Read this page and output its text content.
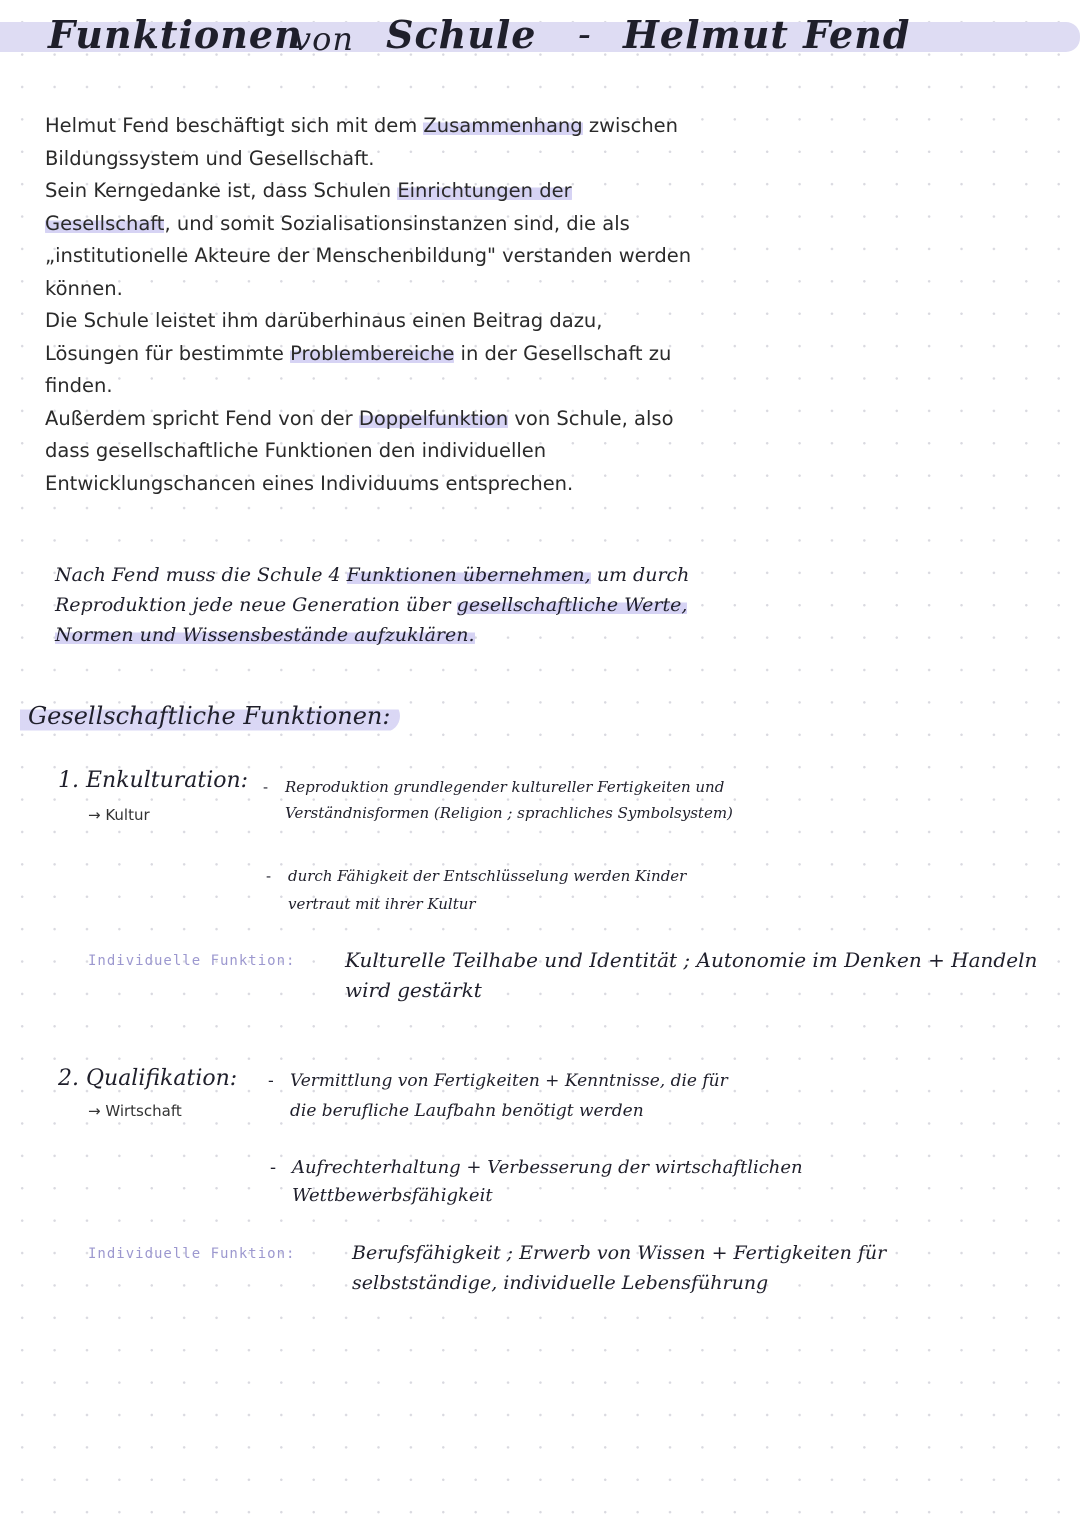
Funktionen
von Schule - Helmut Fend

Helmut Fend beschäftigt sich mit dem Zusammenhang zwischen

Bildungssystem und Gesellschaft.

Sein Kerngedanke ist, dass Schulen Einrichtungen der

Gesellschaft, und somit Sozialisationsinstanzen sind, die als

„institutionelle Akteure der Menschenbildung" verstanden werden

können.

Die Schule leistet ihm darüberhinaus einen Beitrag dazu,

Lösungen für bestimmte Problembereiche in der Gesellschaft zu

finden.

Außerdem spricht Fend von der Doppelfunktion von Schule, also

dass gesellschaftliche Funktionen den individuellen

Entwicklungschancen eines Individuums entsprechen.

Nach Fend muss die Schule 4 Funktionen übernehmen, um durch
Reproduktion jede neue Generation über gesellschaftliche Werte,
Normen und Wissensbestände aufzuklären.
Gesellschaftliche Funktionen:
1. Enkulturation:
→ Kultur
- Reproduktion grundlegender kultureller Fertigkeiten und
Verständnisformen (Religion ; sprachliches Symbolsystem)
- durch Fähigkeit der Entschlüsselung werden Kinder
vertraut mit ihrer Kultur
Individuelle Funktion: Kulturelle Teilhabe und Identität ; Autonomie im Denken + Handeln
wird gestärkt
2. Qualifikation:
→ Wirtschaft
- Vermittlung von Fertigkeiten + Kenntnisse, die für
die berufliche Laufbahn benötigt werden
- Aufrechterhaltung + Verbesserung der wirtschaftlichen
Wettbewerbsfähigkeit
Individuelle Funktion:	Berufsfähigkeit ; Erwerb von Wissen + Fertigkeiten für
selbstständige, individuelle Lebensführung
